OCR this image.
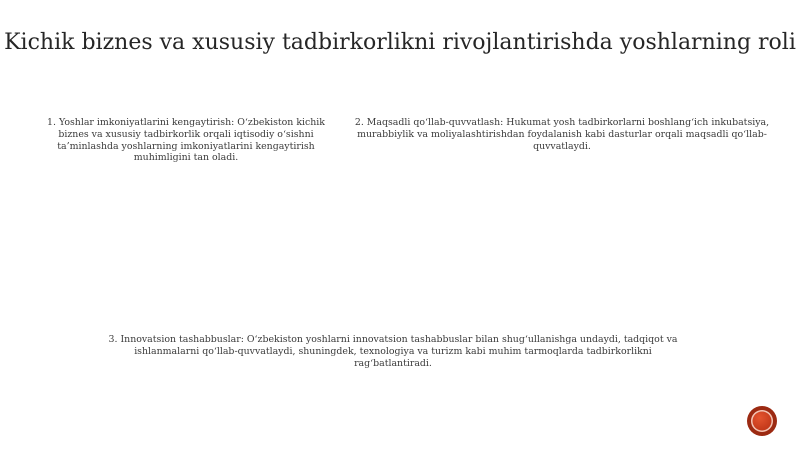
Kichik biznes va xususiy tadbirkorlikni rivojlantirishda yoshlarning roli
1. Yoshlar imkoniyatlarini kengaytirish: O‘zbekiston kichik biznes va xususiy tadbirkorlik orqali iqtisodiy o‘sishni ta’minlashda yoshlarning imkoniyatlarini kengaytirish muhimligini tan oladi.
2. Maqsadli qo‘llab-quvvatlash: Hukumat yosh tadbirkorlarni boshlang‘ich inkubatsiya, murabbiylik va moliyalashtirishdan foydalanish kabi dasturlar orqali maqsadli qo‘llab-quvvatlaydi.
3. Innovatsion tashabbuslar: O‘zbekiston yoshlarni innovatsion tashabbuslar bilan shug‘ullanishga undaydi, tadqiqot va ishlanmalarni qo‘llab-quvvatlaydi, shuningdek, texnologiya va turizm kabi muhim tarmoqlarda tadbirkorlikni rag‘batlantiradi.
